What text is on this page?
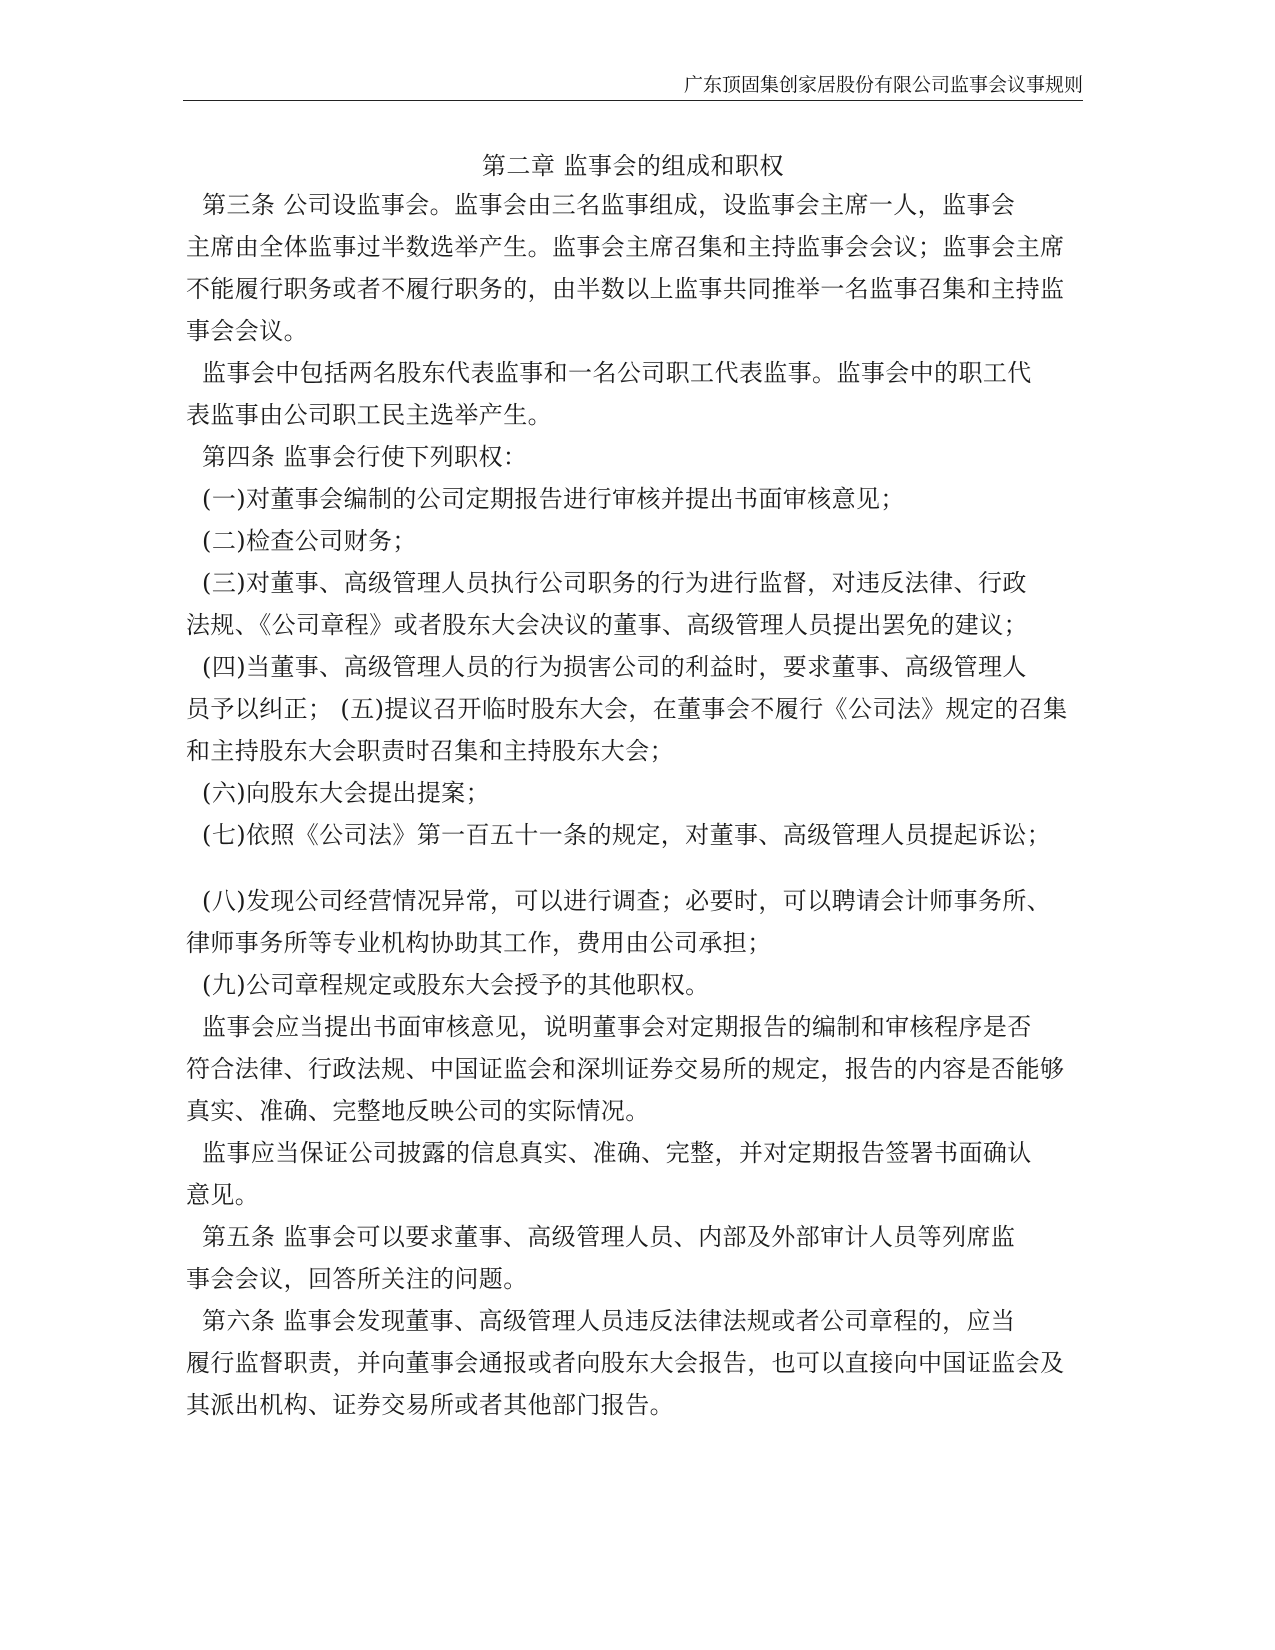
广东顶固集创家居股份有限公司监事会议事规则
第二章 监事会的组成和职权
第三条 公司设监事会。监事会由三名监事组成，设监事会主席一人，监事会
主席由全体监事过半数选举产生。监事会主席召集和主持监事会会议；监事会主席
不能履行职务或者不履行职务的，由半数以上监事共同推举一名监事召集和主持监
事会会议。
监事会中包括两名股东代表监事和一名公司职工代表监事。监事会中的职工代
表监事由公司职工民主选举产生。
第四条 监事会行使下列职权：
(一)对董事会编制的公司定期报告进行审核并提出书面审核意见；
(二)检查公司财务；
(三)对董事、高级管理人员执行公司职务的行为进行监督，对违反法律、行政
法规、《公司章程》或者股东大会决议的董事、高级管理人员提出罢免的建议；
(四)当董事、高级管理人员的行为损害公司的利益时，要求董事、高级管理人
员予以纠正； (五)提议召开临时股东大会，在董事会不履行《公司法》规定的召集
和主持股东大会职责时召集和主持股东大会；
(六)向股东大会提出提案；
(七)依照《公司法》第一百五十一条的规定，对董事、高级管理人员提起诉讼；
(八)发现公司经营情况异常，可以进行调查；必要时，可以聘请会计师事务所、
律师事务所等专业机构协助其工作，费用由公司承担；
(九)公司章程规定或股东大会授予的其他职权。
监事会应当提出书面审核意见，说明董事会对定期报告的编制和审核程序是否
符合法律、行政法规、中国证监会和深圳证券交易所的规定，报告的内容是否能够
真实、准确、完整地反映公司的实际情况。
监事应当保证公司披露的信息真实、准确、完整，并对定期报告签署书面确认
意见。
第五条 监事会可以要求董事、高级管理人员、内部及外部审计人员等列席监
事会会议，回答所关注的问题。
第六条 监事会发现董事、高级管理人员违反法律法规或者公司章程的，应当
履行监督职责，并向董事会通报或者向股东大会报告，也可以直接向中国证监会及
其派出机构、证券交易所或者其他部门报告。
